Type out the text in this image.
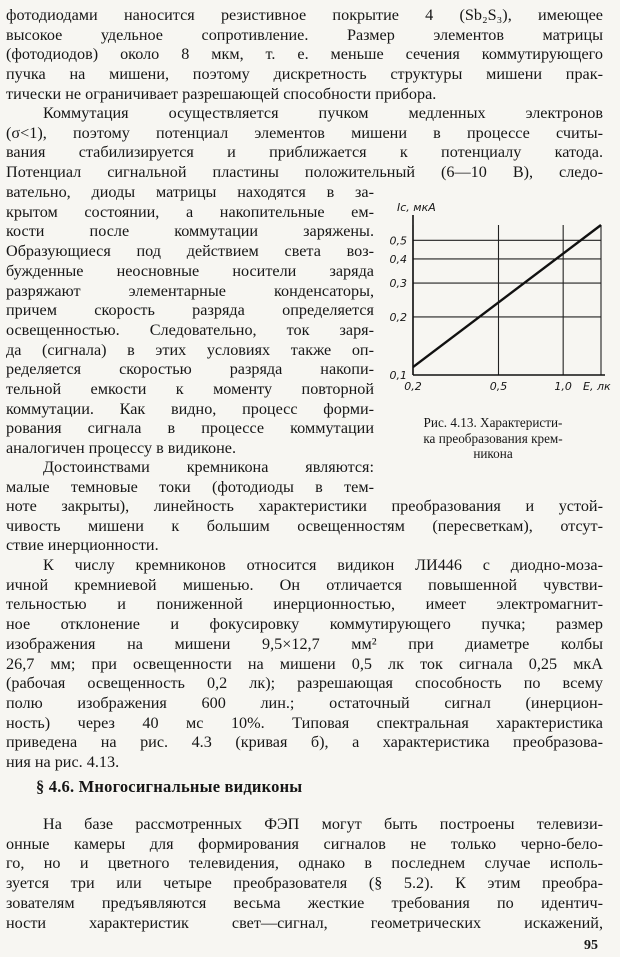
фотодиодами наносится резистивное покрытие 4 (Sb₂S₃), имеющее
высокое удельное сопротивление. Размер элементов матрицы
(фотодиодов) около 8 мкм, т. е. меньше сечения коммутирующего
пучка на мишени, поэтому дискретность структуры мишени прак-
тически не ограничивает разрешающей способности прибора.

Коммутация осуществляется пучком медленных электронов
(σ<1), поэтому потенциал элементов мишени в процессе считы-
вания стабилизируется и приближается к потенциалу катода.
Потенциал сигнальной пластины положительный (6—10 В), следо-

вательно, диоды матрицы находятся в за-
крытом состоянии, а накопительные ем-
кости после коммутации заряжены.
Образующиеся под действием света воз-
бужденные неосновные носители заряда
разряжают элементарные конденсаторы,
причем скорость разряда определяется
освещенностью. Следовательно, ток заря-
да (сигнала) в этих условиях также оп-
ределяется скоростью разряда накопи-
тельной емкости к моменту повторной
коммутации. Как видно, процесс форми-
рования сигнала в процессе коммутации
аналогичен процессу в видиконе.

0,1
0,2
0,3
0,4
0,5
0,2	0,5	1,0
Iс, мкА
E, лк
Рис. 4.13. Характеристи-
ка преобразования крем-
никона

Достоинствами кремникона являются:
малые темновые токи (фотодиоды в тем-

ноте закрыты), линейность характеристики преобразования и устой-
чивость мишени к большим освещенностям (пересветкам), отсут-
ствие инерционности.

К числу кремниконов относится видикон ЛИ446 с диодно-моза-
ичной кремниевой мишенью. Он отличается повышенной чувстви-
тельностью и пониженной инерционностью, имеет электромагнит-
ное отклонение и фокусировку коммутирующего пучка; размер
изображения на мишени 9,5×12,7 мм² при диаметре колбы
26,7 мм; при освещенности на мишени 0,5 лк ток сигнала 0,25 мкА
(рабочая освещенность 0,2 лк); разрешающая способность по всему
полю изображения 600 лин.; остаточный сигнал (инерцион-
ность) через 40 мс 10%. Типовая спектральная характеристика
приведена на рис. 4.3 (кривая б), а характеристика преобразова-
ния на рис. 4.13.

§ 4.6. Многосигнальные видиконы

На базе рассмотренных ФЭП могут быть построены телевизи-
онные камеры для формирования сигналов не только черно-бело-
го, но и цветного телевидения, однако в последнем случае исполь-
зуется три или четыре преобразователя (§ 5.2). К этим преобра-
зователям предъявляются весьма жесткие требования по идентич-
ности характеристик свет—сигнал, геометрических искажений,

95
